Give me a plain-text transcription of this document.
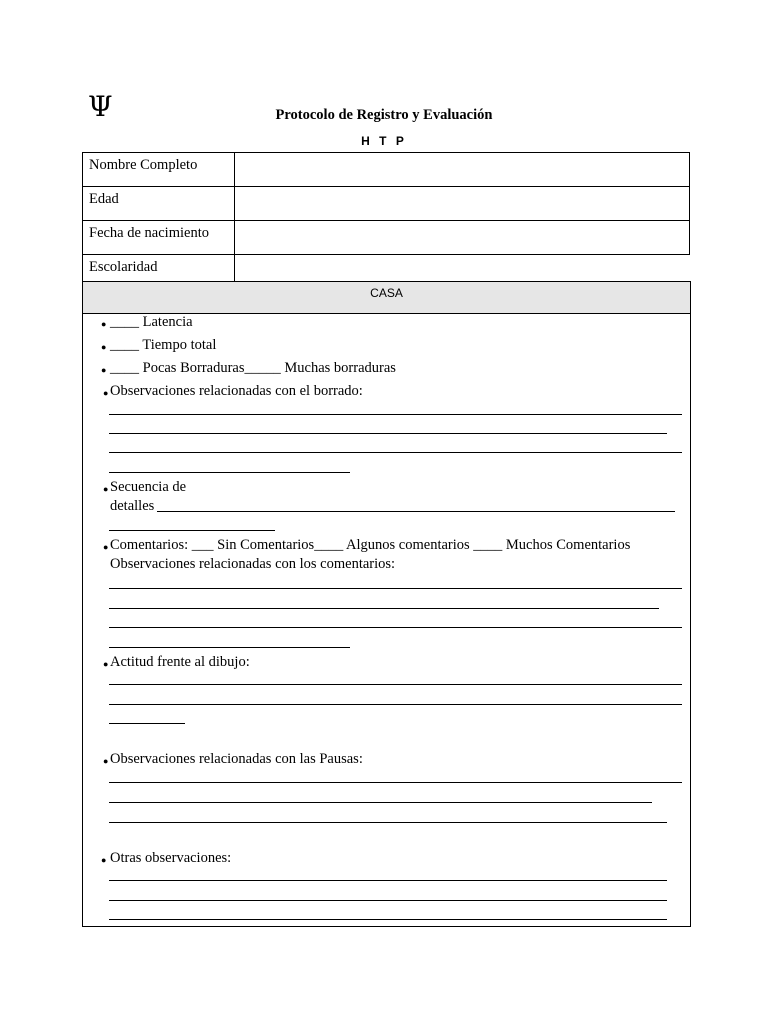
Ψ	Protocolo de Registro y Evaluación
H T P
Nombre Completo	
Edad	
Fecha de nacimiento	
Escolaridad	
CASA
● ____ Latencia
● ____ Tiempo total
● ____ Pocas Borraduras_____ Muchas borraduras
● Observaciones relacionadas con el borrado:
● Secuencia de
detalles
● Comentarios: ___ Sin Comentarios____ Algunos comentarios ____ Muchos Comentarios
Observaciones relacionadas con los comentarios:
● Actitud frente al dibujo:
● Observaciones relacionadas con las Pausas:
● Otras observaciones:
